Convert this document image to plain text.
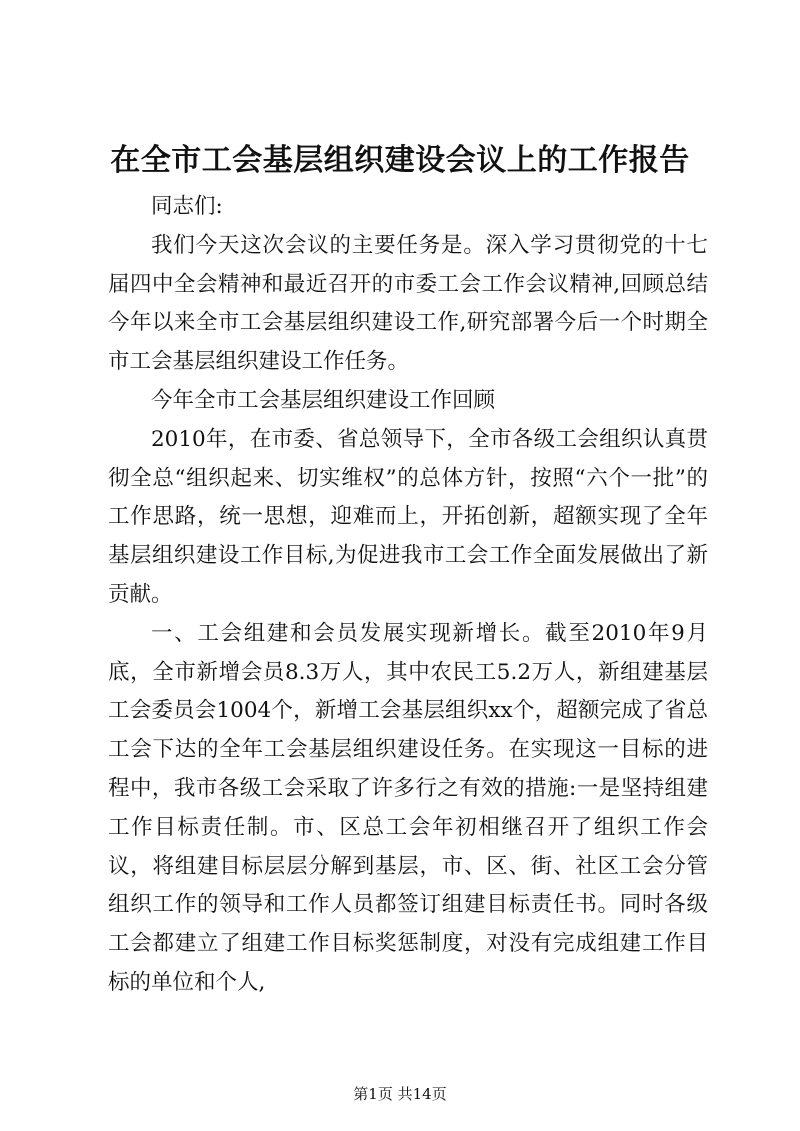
在全市工会基层组织建设会议上的工作报告

同志们:

我们今天这次会议的主要任务是。深入学习贯彻党的十七届四中全会精神和最近召开的市委工会工作会议精神,回顾总结今年以来全市工会基层组织建设工作,研究部署今后一个时期全市工会基层组织建设工作任务。

今年全市工会基层组织建设工作回顾

2010年，在市委、省总领导下，全市各级工会组织认真贯彻全总“组织起来、切实维权”的总体方针，按照“六个一批”的工作思路，统一思想，迎难而上，开拓创新，超额实现了全年基层组织建设工作目标,为促进我市工会工作全面发展做出了新贡献。

一、工会组建和会员发展实现新增长。截至2010年9月底，全市新增会员8.3万人，其中农民工5.2万人，新组建基层工会委员会1004个，新增工会基层组织xx个，超额完成了省总工会下达的全年工会基层组织建设任务。在实现这一目标的进程中，我市各级工会采取了许多行之有效的措施:一是坚持组建工作目标责任制。市、区总工会年初相继召开了组织工作会议，将组建目标层层分解到基层，市、区、街、社区工会分管组织工作的领导和工作人员都签订组建目标责任书。同时各级工会都建立了组建工作目标奖惩制度，对没有完成组建工作目标的单位和个人,

第1页 共14页
